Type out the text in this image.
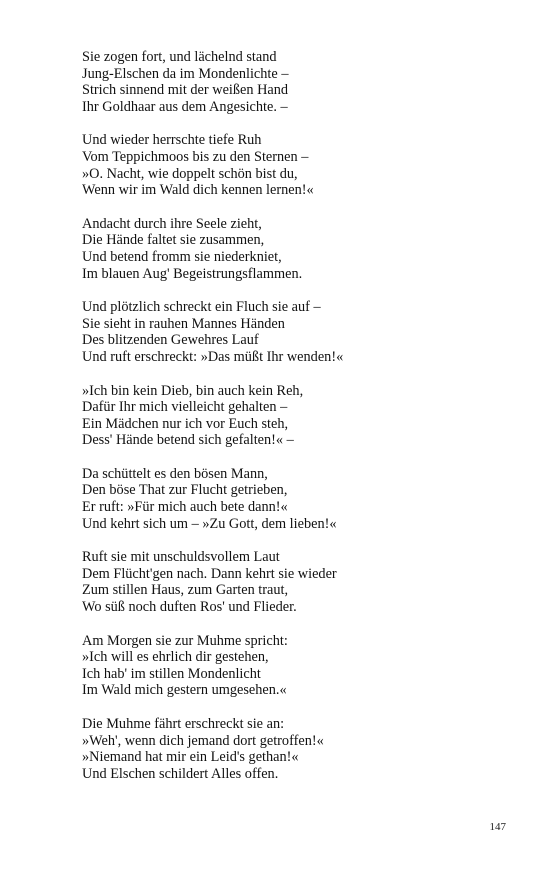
Sie zogen fort, und lächelnd stand
Jung-Elschen da im Mondenlichte –
Strich sinnend mit der weißen Hand
Ihr Goldhaar aus dem Angesichte. –
Und wieder herrschte tiefe Ruh
Vom Teppichmoos bis zu den Sternen –
»O. Nacht, wie doppelt schön bist du,
Wenn wir im Wald dich kennen lernen!«
Andacht durch ihre Seele zieht,
Die Hände faltet sie zusammen,
Und betend fromm sie niederkniet,
Im blauen Aug' Begeistrungsflammen.
Und plötzlich schreckt ein Fluch sie auf –
Sie sieht in rauhen Mannes Händen
Des blitzenden Gewehres Lauf
Und ruft erschreckt: »Das müßt Ihr wenden!«
»Ich bin kein Dieb, bin auch kein Reh,
Dafür Ihr mich vielleicht gehalten –
Ein Mädchen nur ich vor Euch steh,
Dess' Hände betend sich gefalten!« –
Da schüttelt es den bösen Mann,
Den böse That zur Flucht getrieben,
Er ruft: »Für mich auch bete dann!«
Und kehrt sich um – »Zu Gott, dem lieben!«
Ruft sie mit unschuldsvollem Laut
Dem Flücht'gen nach. Dann kehrt sie wieder
Zum stillen Haus, zum Garten traut,
Wo süß noch duften Ros' und Flieder.
Am Morgen sie zur Muhme spricht:
»Ich will es ehrlich dir gestehen,
Ich hab' im stillen Mondenlicht
Im Wald mich gestern umgesehen.«
Die Muhme fährt erschreckt sie an:
»Weh', wenn dich jemand dort getroffen!«
»Niemand hat mir ein Leid's gethan!«
Und Elschen schildert Alles offen.
147
